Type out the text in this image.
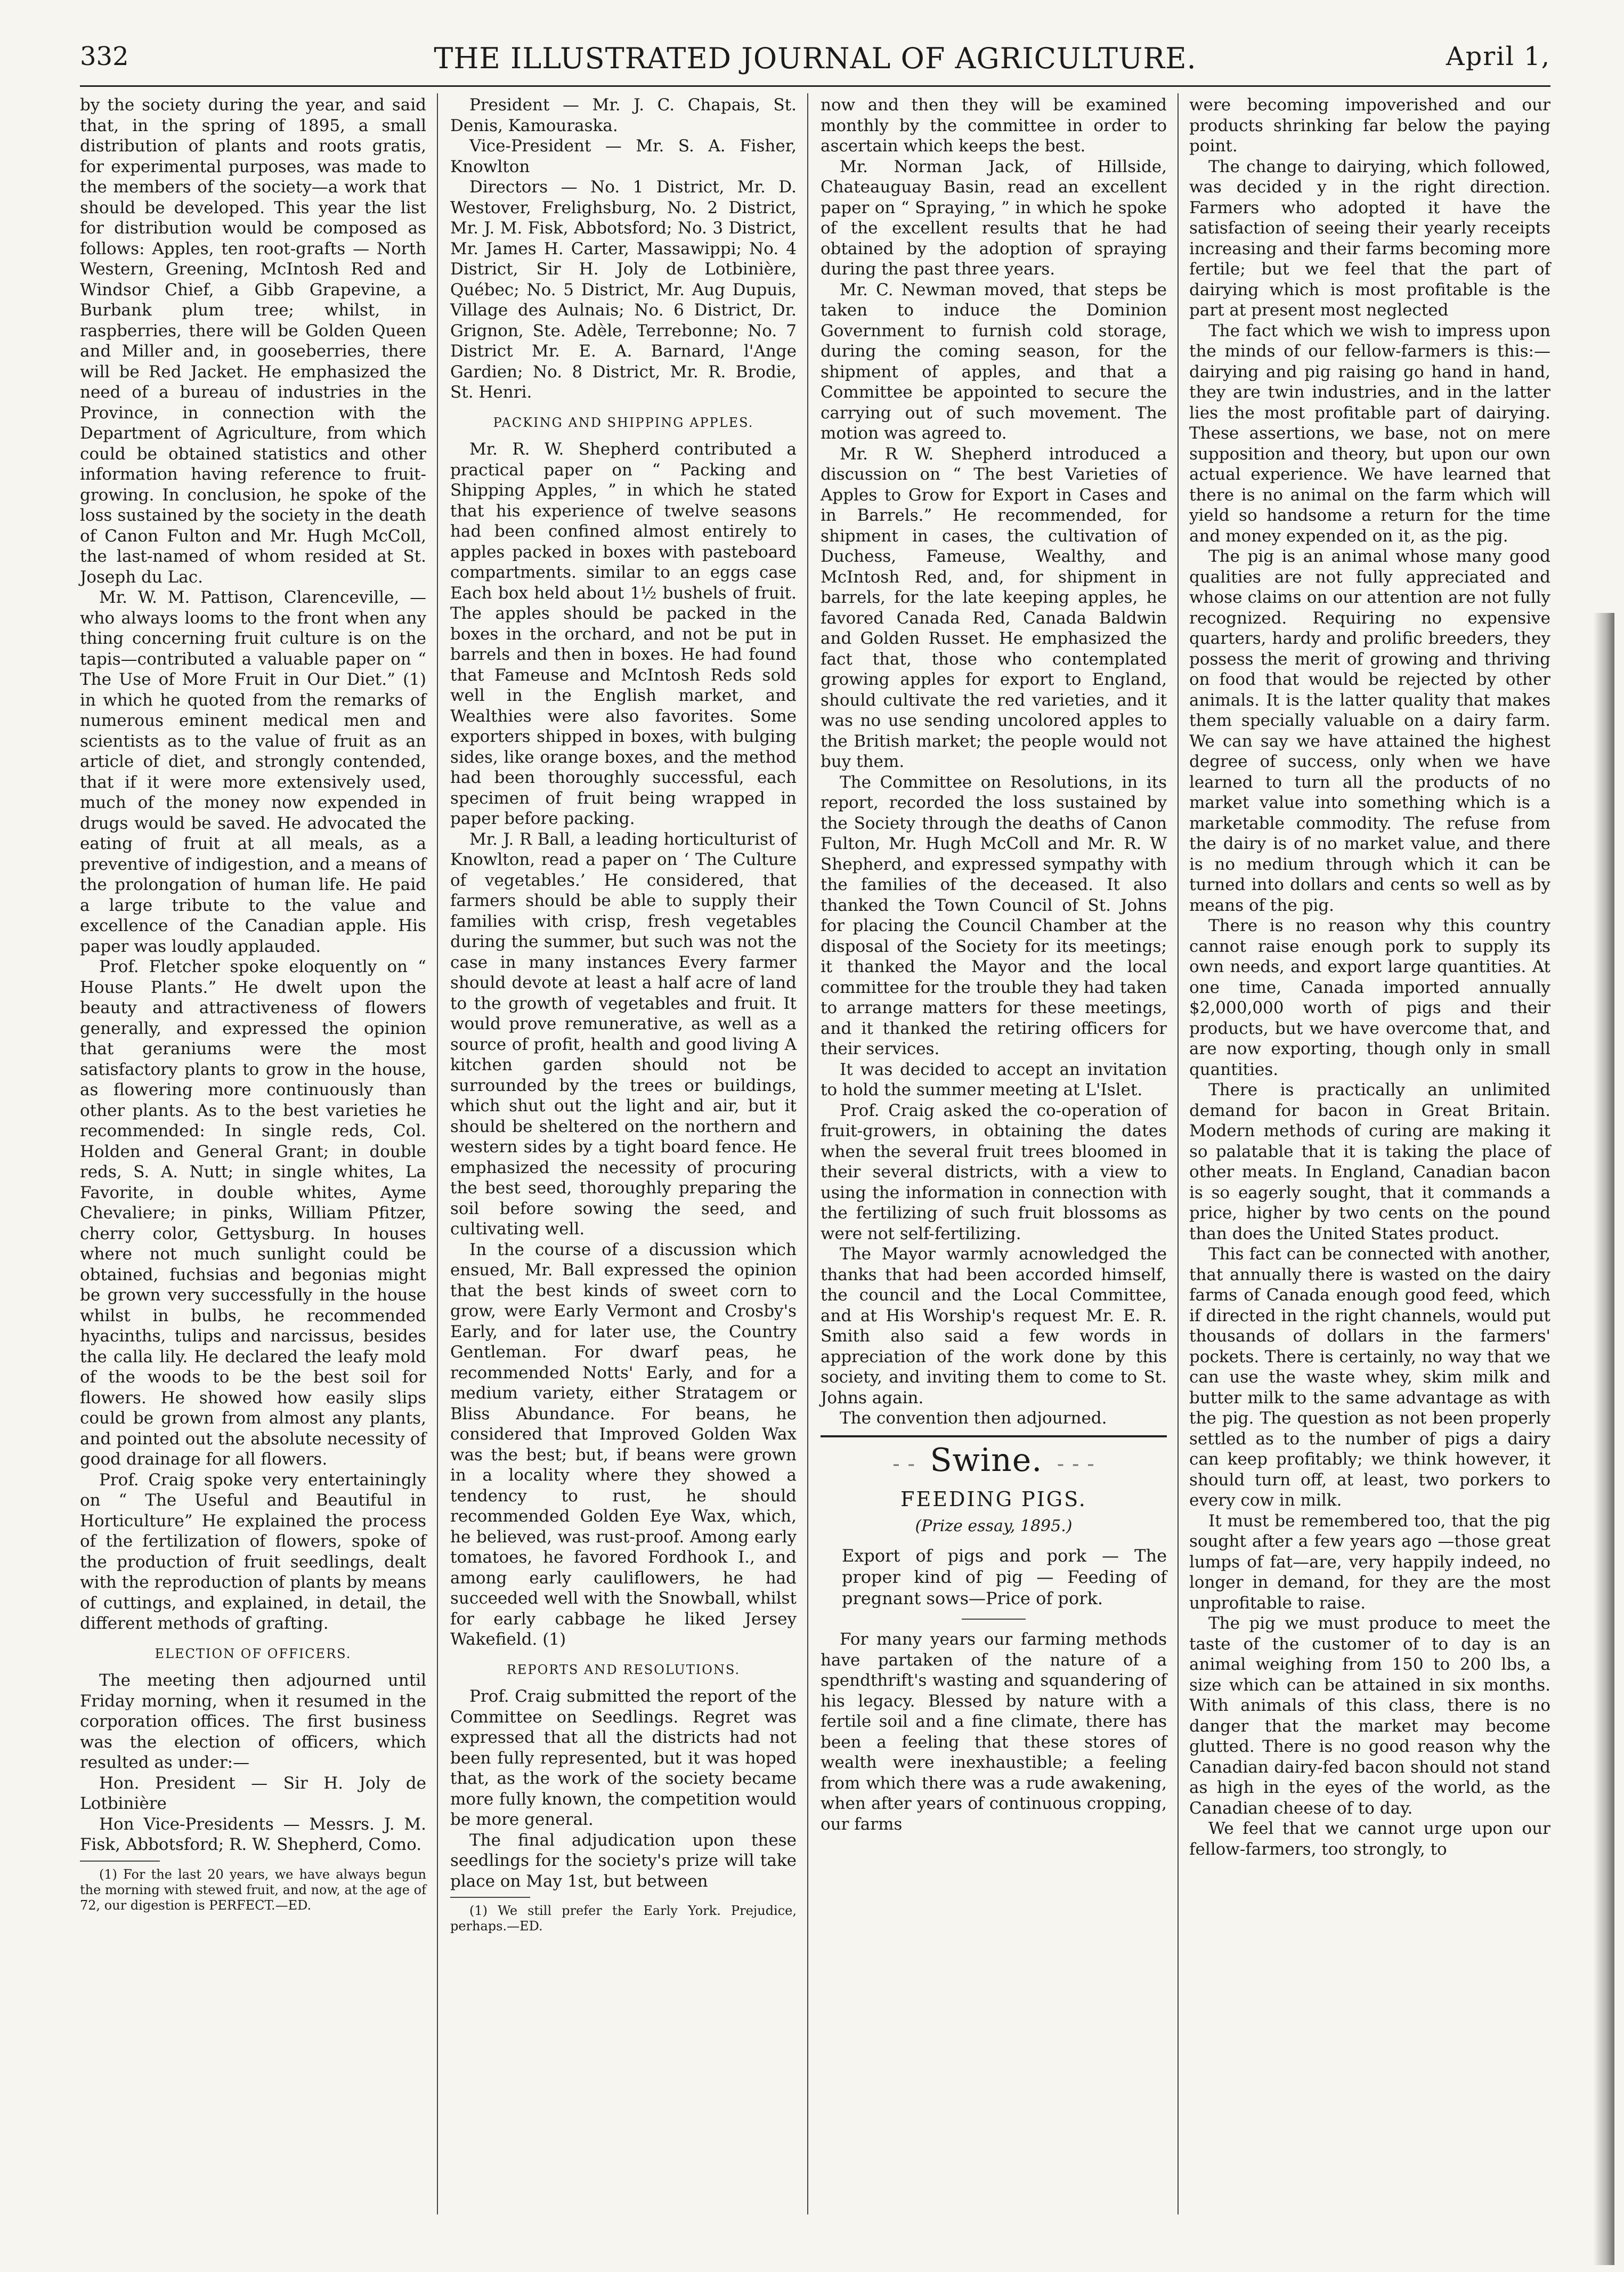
332	THE ILLUSTRATED JOURNAL OF AGRICULTURE.	April 1,

by the society during the year, and said that, in the spring of 1895, a small distribution of plants and roots gratis, for experimental purposes, was made to the members of the society—a work that should be developed. This year the list for distribution would be composed as follows: Apples, ten root-grafts — North Western, Greening, McIntosh Red and Windsor Chief, a Gibb Grapevine, a Burbank plum tree; whilst, in raspberries, there will be Golden Queen and Miller and, in gooseberries, there will be Red Jacket. He emphasized the need of a bureau of industries in the Province, in connection with the Department of Agriculture, from which could be obtained statistics and other information having reference to fruit-growing. In conclusion, he spoke of the loss sustained by the society in the death of Canon Fulton and Mr. Hugh McColl, the last-named of whom resided at St. Joseph du Lac.

Mr. W. M. Pattison, Clarenceville, — who always looms to the front when any thing concerning fruit culture is on the tapis—contributed a valuable paper on “ The Use of More Fruit in Our Diet.” (1) in which he quoted from the remarks of numerous eminent medical men and scientists as to the value of fruit as an article of diet, and strongly contended, that if it were more extensively used, much of the money now expended in drugs would be saved. He advocated the eating of fruit at all meals, as a preventive of indigestion, and a means of the prolongation of human life. He paid a large tribute to the value and excellence of the Canadian apple. His paper was loudly applauded.

Prof. Fletcher spoke eloquently on “ House Plants.” He dwelt upon the beauty and attractiveness of flowers generally, and expressed the opinion that geraniums were the most satisfactory plants to grow in the house, as flowering more continuously than other plants. As to the best varieties he recommended: In single reds, Col. Holden and General Grant; in double reds, S. A. Nutt; in single whites, La Favorite, in double whites, Ayme Chevaliere; in pinks, William Pfitzer, cherry color, Gettysburg. In houses where not much sunlight could be obtained, fuchsias and begonias might be grown very successfully in the house whilst in bulbs, he recommended hyacinths, tulips and narcissus, besides the calla lily. He declared the leafy mold of the woods to be the best soil for flowers. He showed how easily slips could be grown from almost any plants, and pointed out the absolute necessity of good drainage for all flowers.

Prof. Craig spoke very entertainingly on “ The Useful and Beautiful in Horticulture” He explained the process of the fertilization of flowers, spoke of the production of fruit seedlings, dealt with the reproduction of plants by means of cuttings, and explained, in detail, the different methods of grafting.

ELECTION OF OFFICERS.

The meeting then adjourned until Friday morning, when it resumed in the corporation offices. The first business was the election of officers, which resulted as under:—

Hon. President — Sir H. Joly de Lotbinière

Hon Vice-Presidents — Messrs. J. M. Fisk, Abbotsford; R. W. Shepherd, Como.

(1) For the last 20 years, we have always begun the morning with stewed fruit, and now, at the age of 72, our digestion is PERFECT.—ED.

President — Mr. J. C. Chapais, St. Denis, Kamouraska.

Vice-President — Mr. S. A. Fisher, Knowlton

Directors — No. 1 District, Mr. D. Westover, Frelighsburg, No. 2 District, Mr. J. M. Fisk, Abbotsford; No. 3 District, Mr. James H. Carter, Massawippi; No. 4 District, Sir H. Joly de Lotbinière, Québec; No. 5 District, Mr. Aug Dupuis, Village des Aulnais; No. 6 District, Dr. Grignon, Ste. Adèle, Terrebonne; No. 7 District Mr. E. A. Barnard, l'Ange Gardien; No. 8 District, Mr. R. Brodie, St. Henri.

PACKING AND SHIPPING APPLES.

Mr. R. W. Shepherd contributed a practical paper on “ Packing and Shipping Apples, ” in which he stated that his experience of twelve seasons had been confined almost entirely to apples packed in boxes with pasteboard compartments. similar to an eggs case Each box held about 1½ bushels of fruit. The apples should be packed in the boxes in the orchard, and not be put in barrels and then in boxes. He had found that Fameuse and McIntosh Reds sold well in the English market, and Wealthies were also favorites. Some exporters shipped in boxes, with bulging sides, like orange boxes, and the method had been thoroughly successful, each specimen of fruit being wrapped in paper before packing.

Mr. J. R Ball, a leading horticulturist of Knowlton, read a paper on ‘ The Culture of vegetables.’ He considered, that farmers should be able to supply their families with crisp, fresh vegetables during the summer, but such was not the case in many instances Every farmer should devote at least a half acre of land to the growth of vegetables and fruit. It would prove remunerative, as well as a source of profit, health and good living A kitchen garden should not be surrounded by the trees or buildings, which shut out the light and air, but it should be sheltered on the northern and western sides by a tight board fence. He emphasized the necessity of procuring the best seed, thoroughly preparing the soil before sowing the seed, and cultivating well.

In the course of a discussion which ensued, Mr. Ball expressed the opinion that the best kinds of sweet corn to grow, were Early Vermont and Crosby's Early, and for later use, the Country Gentleman. For dwarf peas, he recommended Notts' Early, and for a medium variety, either Stratagem or Bliss Abundance. For beans, he considered that Improved Golden Wax was the best; but, if beans were grown in a locality where they showed a tendency to rust, he should recommended Golden Eye Wax, which, he believed, was rust-proof. Among early tomatoes, he favored Fordhook I., and among early cauliflowers, he had succeeded well with the Snowball, whilst for early cabbage he liked Jersey Wakefield. (1)

REPORTS AND RESOLUTIONS.

Prof. Craig submitted the report of the Committee on Seedlings. Regret was expressed that all the districts had not been fully represented, but it was hoped that, as the work of the society became more fully known, the competition would be more general.

The final adjudication upon these seedlings for the society's prize will take place on May 1st, but between

(1) We still prefer the Early York. Prejudice, perhaps.—ED.

now and then they will be examined monthly by the committee in order to ascertain which keeps the best.

Mr. Norman Jack, of Hillside, Chateauguay Basin, read an excellent paper on “ Spraying, ” in which he spoke of the excellent results that he had obtained by the adoption of spraying during the past three years.

Mr. C. Newman moved, that steps be taken to induce the Dominion Government to furnish cold storage, during the coming season, for the shipment of apples, and that a Committee be appointed to secure the carrying out of such movement. The motion was agreed to.

Mr. R W. Shepherd introduced a discussion on “ The best Varieties of Apples to Grow for Export in Cases and in Barrels.” He recommended, for shipment in cases, the cultivation of Duchess, Fameuse, Wealthy, and McIntosh Red, and, for shipment in barrels, for the late keeping apples, he favored Canada Red, Canada Baldwin and Golden Russet. He emphasized the fact that, those who contemplated growing apples for export to England, should cultivate the red varieties, and it was no use sending uncolored apples to the British market; the people would not buy them.

The Committee on Resolutions, in its report, recorded the loss sustained by the Society through the deaths of Canon Fulton, Mr. Hugh McColl and Mr. R. W Shepherd, and expressed sympathy with the families of the deceased. It also thanked the Town Council of St. Johns for placing the Council Chamber at the disposal of the Society for its meetings; it thanked the Mayor and the local committee for the trouble they had taken to arrange matters for these meetings, and it thanked the retiring officers for their services.

It was decided to accept an invitation to hold the summer meeting at L'Islet.

Prof. Craig asked the co-operation of fruit-growers, in obtaining the dates when the several fruit trees bloomed in their several districts, with a view to using the information in connection with the fertilizing of such fruit blossoms as were not self-fertilizing.

The Mayor warmly acnowledged the thanks that had been accorded himself, the council and the Local Committee, and at His Worship's request Mr. E. R. Smith also said a few words in appreciation of the work done by this society, and inviting them to come to St. Johns again.

The convention then adjourned.

- -  Swine.  - - -
FEEDING PIGS.
(Prize essay, 1895.)

Export of pigs and pork — The proper kind of pig — Feeding of pregnant sows—Price of pork.

For many years our farming methods have partaken of the nature of a spendthrift's wasting and squandering of his legacy. Blessed by nature with a fertile soil and a fine climate, there has been a feeling that these stores of wealth were inexhaustible; a feeling from which there was a rude awakening, when after years of continuous cropping, our farms

were becoming impoverished and our products shrinking far below the paying point.

The change to dairying, which followed, was decided y in the right direction. Farmers who adopted it have the satisfaction of seeing their yearly receipts increasing and their farms becoming more fertile; but we feel that the part of dairying which is most profitable is the part at present most neglected

The fact which we wish to impress upon the minds of our fellow-farmers is this:—dairying and pig raising go hand in hand, they are twin industries, and in the latter lies the most profitable part of dairying. These assertions, we base, not on mere supposition and theory, but upon our own actual experience. We have learned that there is no animal on the farm which will yield so handsome a return for the time and money expended on it, as the pig.

The pig is an animal whose many good qualities are not fully appreciated and whose claims on our attention are not fully recognized. Requiring no expensive quarters, hardy and prolific breeders, they possess the merit of growing and thriving on food that would be rejected by other animals. It is the latter quality that makes them specially valuable on a dairy farm. We can say we have attained the highest degree of success, only when we have learned to turn all the products of no market value into something which is a marketable commodity. The refuse from the dairy is of no market value, and there is no medium through which it can be turned into dollars and cents so well as by means of the pig.

There is no reason why this country cannot raise enough pork to supply its own needs, and export large quantities. At one time, Canada imported annually $2,000,000 worth of pigs and their products, but we have overcome that, and are now exporting, though only in small quantities.

There is practically an unlimited demand for bacon in Great Britain. Modern methods of curing are making it so palatable that it is taking the place of other meats. In England, Canadian bacon is so eagerly sought, that it commands a price, higher by two cents on the pound than does the United States product.

This fact can be connected with another, that annually there is wasted on the dairy farms of Canada enough good feed, which if directed in the right channels, would put thousands of dollars in the farmers' pockets. There is certainly, no way that we can use the waste whey, skim milk and butter milk to the same advantage as with the pig. The question as not been properly settled as to the number of pigs a dairy can keep profitably; we think however, it should turn off, at least, two porkers to every cow in milk.

It must be remembered too, that the pig sought after a few years ago —those great lumps of fat—are, very happily indeed, no longer in demand, for they are the most unprofitable to raise.

The pig we must produce to meet the taste of the customer of to day is an animal weighing from 150 to 200 lbs, a size which can be attained in six months. With animals of this class, there is no danger that the market may become glutted. There is no good reason why the Canadian dairy-fed bacon should not stand as high in the eyes of the world, as the Canadian cheese of to day.

We feel that we cannot urge upon our fellow-farmers, too strongly, to
